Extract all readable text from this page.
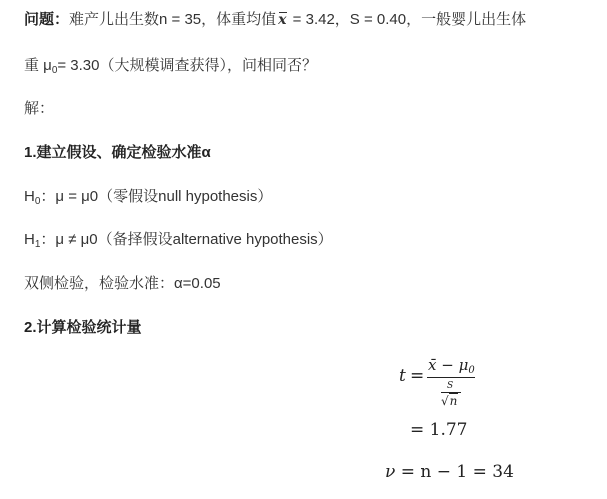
问题：难产儿出生数n = 35，体重均值 x = 3.42，S = 0.40，一般婴儿出生体
重 $\mu_0= 3.30$（大规模调查获得），问相同否？
解：
1.建立假设、确定检验水准α
$H_0$：μ = μ0（零假设null hypothesis）
$H_1$：μ ≠ μ0（备择假设alternative hypothesis）
双侧检验，检验水准：α=0.05
2.计算检验统计量
t =
x̄ − $\mu_0$
S
√n
= 1.77
ν = n − 1 = 34
